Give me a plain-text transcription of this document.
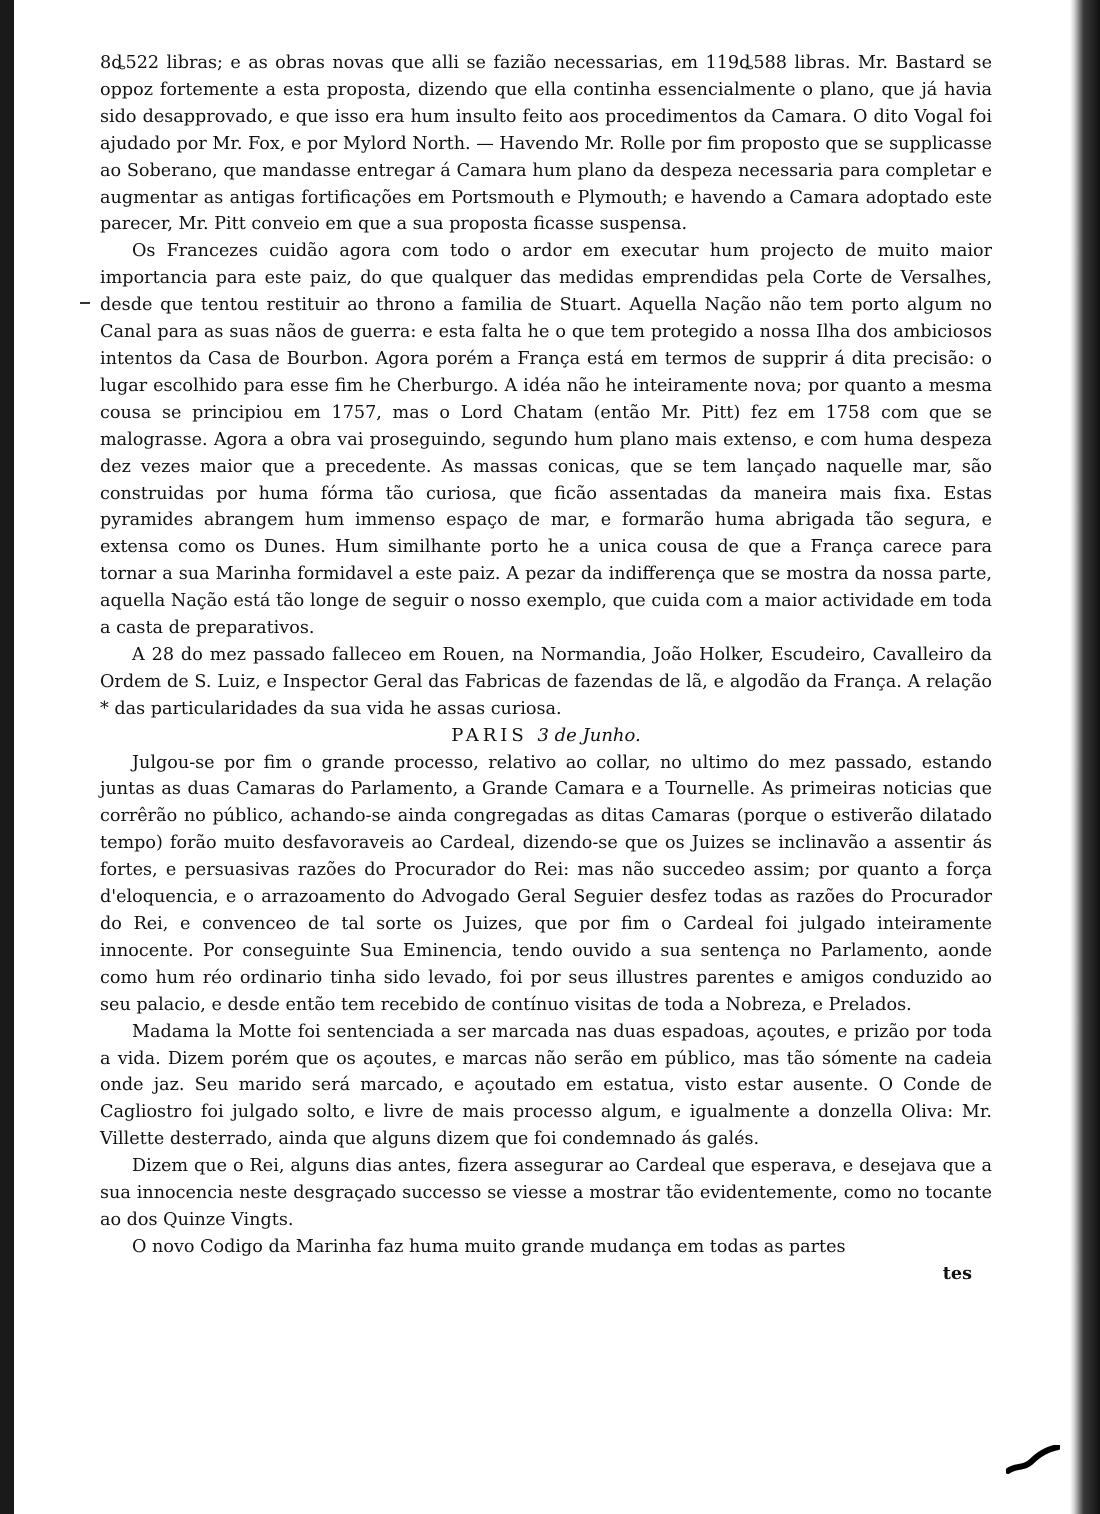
8ȡ522 libras; e as obras novas que alli se fazião necessarias, em 119ȡ588 libras. Mr. Bastard se oppoz fortemente a esta proposta, dizendo que ella continha essencialmente o plano, que já havia sido desapprovado, e que isso era hum insulto feito aos procedimentos da Camara. O dito Vogal foi ajudado por Mr. Fox, e por Mylord North. — Havendo Mr. Rolle por fim proposto que se supplicasse ao Soberano, que mandasse entregar á Camara hum plano da despeza necessaria para completar e augmentar as antigas fortificações em Portsmouth e Plymouth; e havendo a Camara adoptado este parecer, Mr. Pitt conveio em que a sua proposta ficasse suspensa.

Os Francezes cuidão agora com todo o ardor em executar hum projecto de muito maior importancia para este paiz, do que qualquer das medidas emprendidas pela Corte de Versalhes, desde que tentou restituir ao throno a familia de Stuart. Aquella Nação não tem porto algum no Canal para as suas nãos de guerra: e esta falta he o que tem protegido a nossa Ilha dos ambiciosos intentos da Casa de Bourbon. Agora porém a França está em termos de supprir á dita precisão: o lugar escolhido para esse fim he Cherburgo. A idéa não he inteiramente nova; por quanto a mesma cousa se principiou em 1757, mas o Lord Chatam (então Mr. Pitt) fez em 1758 com que se malograsse. Agora a obra vai proseguindo, segundo hum plano mais extenso, e com huma despeza dez vezes maior que a precedente. As massas conicas, que se tem lançado naquelle mar, são construidas por huma fórma tão curiosa, que ficão assentadas da maneira mais fixa. Estas pyramides abrangem hum immenso espaço de mar, e formarão huma abrigada tão segura, e extensa como os Dunes. Hum similhante porto he a unica cousa de que a França carece para tornar a sua Marinha formidavel a este paiz. A pezar da indifferença que se mostra da nossa parte, aquella Nação está tão longe de seguir o nosso exemplo, que cuida com a maior actividade em toda a casta de preparativos.

A 28 do mez passado falleceo em Rouen, na Normandia, João Holker, Escudeiro, Cavalleiro da Ordem de S. Luiz, e Inspector Geral das Fabricas de fazendas de lã, e algodão da França. A relação * das particularidades da sua vida he assas curiosa.

PARIS 3 de Junho.

Julgou-se por fim o grande processo, relativo ao collar, no ultimo do mez passado, estando juntas as duas Camaras do Parlamento, a Grande Camara e a Tournelle. As primeiras noticias que corrêrão no público, achando-se ainda congregadas as ditas Camaras (porque o estiverão dilatado tempo) forão muito desfavoraveis ao Cardeal, dizendo-se que os Juizes se inclinavão a assentir ás fortes, e persuasivas razões do Procurador do Rei: mas não succedeo assim; por quanto a força d'eloquencia, e o arrazoamento do Advogado Geral Seguier desfez todas as razões do Procurador do Rei, e convenceo de tal sorte os Juizes, que por fim o Cardeal foi julgado inteiramente innocente. Por conseguinte Sua Eminencia, tendo ouvido a sua sentença no Parlamento, aonde como hum réo ordinario tinha sido levado, foi por seus illustres parentes e amigos conduzido ao seu palacio, e desde então tem recebido de contínuo visitas de toda a Nobreza, e Prelados.

Madama la Motte foi sentenciada a ser marcada nas duas espadoas, açoutes, e prizão por toda a vida. Dizem porém que os açoutes, e marcas não serão em público, mas tão sómente na cadeia onde jaz. Seu marido será marcado, e açoutado em estatua, visto estar ausente. O Conde de Cagliostro foi julgado solto, e livre de mais processo algum, e igualmente a donzella Oliva: Mr. Villette desterrado, ainda que alguns dizem que foi condemnado ás galés.

Dizem que o Rei, alguns dias antes, fizera assegurar ao Cardeal que esperava, e desejava que a sua innocencia neste desgraçado successo se viesse a mostrar tão evidentemente, como no tocante ao dos Quinze Vingts.

O novo Codigo da Marinha faz huma muito grande mudança em todas as partes

tes
